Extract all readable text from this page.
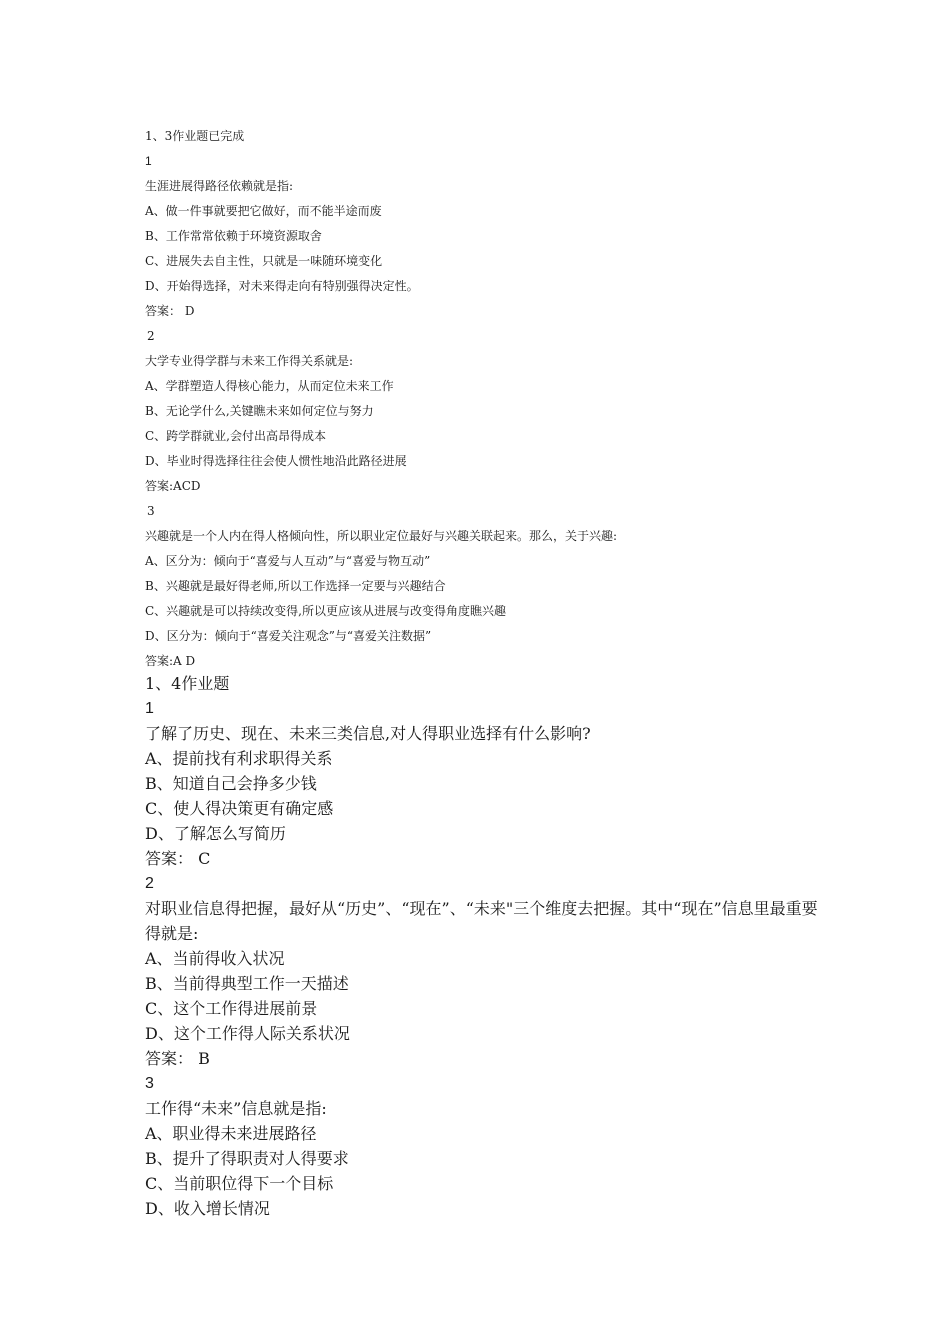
1、3作业题已完成
1
生涯进展得路径依赖就是指:
A、做一件事就要把它做好，而不能半途而废
B、工作常常依赖于环境资源取舍
C、进展失去自主性，只就是一味随环境变化
D、开始得选择，对未来得走向有特别强得决定性。
答案： D
2
大学专业得学群与未来工作得关系就是:
A、学群塑造人得核心能力，从而定位未来工作
B、无论学什么,关键瞧未来如何定位与努力
C、跨学群就业,会付出高昂得成本
D、毕业时得选择往往会使人惯性地沿此路径进展
答案:ACD
3
兴趣就是一个人内在得人格倾向性，所以职业定位最好与兴趣关联起来。那么，关于兴趣:
A、区分为：倾向于“喜爱与人互动”与“喜爱与物互动”
B、兴趣就是最好得老师,所以工作选择一定要与兴趣结合
C、兴趣就是可以持续改变得,所以更应该从进展与改变得角度瞧兴趣
D、区分为：倾向于“喜爱关注观念”与“喜爱关注数据”
答案:A D
1、4作业题
1
了解了历史、现在、未来三类信息,对人得职业选择有什么影响?
A、提前找有利求职得关系
B、知道自己会挣多少钱
C、使人得决策更有确定感
D、了解怎么写简历
答案： C
2
对职业信息得把握，最好从“历史”、“现在”、“未来"三个维度去把握。其中“现在”信息里最重要得就是:
A、当前得收入状况
B、当前得典型工作一天描述
C、这个工作得进展前景
D、这个工作得人际关系状况
答案： B
3
工作得“未来”信息就是指:
A、职业得未来进展路径
B、提升了得职责对人得要求
C、当前职位得下一个目标
D、收入增长情况
